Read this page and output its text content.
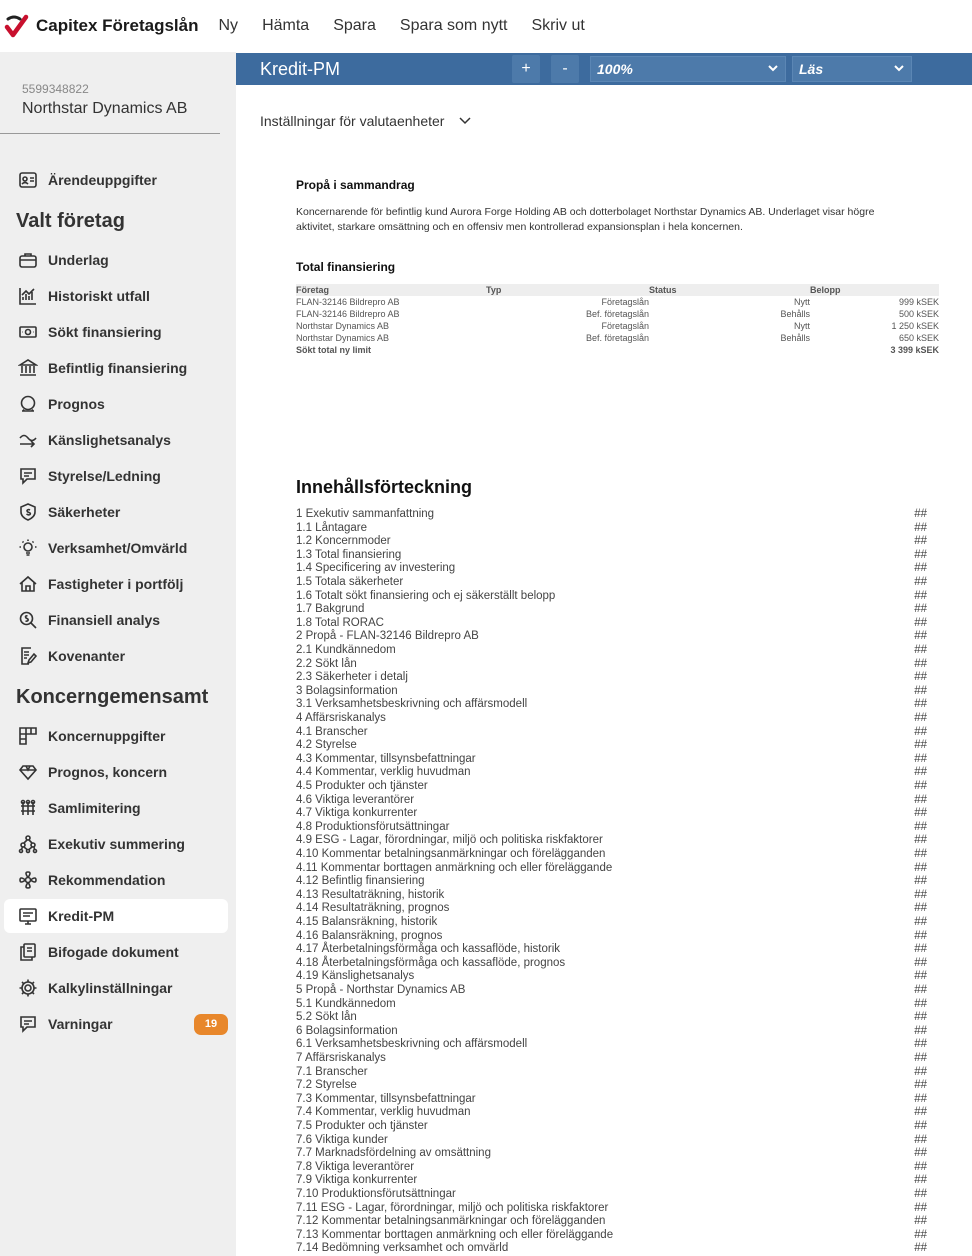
Capitex Företagslån Ny Hämta Spara Spara som nytt Skriv ut
5599348822
Northstar Dynamics AB
Ärendeuppgifter
Valt företag
Underlag
Historiskt utfall
Sökt finansiering
Befintlig finansiering
Prognos
Känslighetsanalys
Styrelse/Ledning
Säkerheter
Verksamhet/Omvärld
Fastigheter i portfölj
Finansiell analys
Kovenanter
Koncerngemensamt
Koncernuppgifter
Prognos, koncern
Samlimitering
Exekutiv summering
Rekommendation
Kredit-PM
Bifogade dokument
Kalkylinställningar
Varningar	19
Kredit-PM	+	-	100%	Läs
Inställningar för valutaenheter
Propå i sammandrag
Koncernarende för befintlig kund Aurora Forge Holding AB och dotterbolaget Northstar Dynamics AB. Underlaget visar högre
aktivitet, starkare omsättning och en offensiv men kontrollerad expansionsplan i hela koncernen.
Total finansiering
Företag	Typ	Status	Belopp
FLAN-32146 Bildrepro AB	Företagslån	Nytt	999 kSEK
FLAN-32146 Bildrepro AB	Bef. företagslån	Behålls	500 kSEK
Northstar Dynamics AB	Företagslån	Nytt	1 250 kSEK
Northstar Dynamics AB	Bef. företagslån	Behålls	650 kSEK
Sökt total ny limit			3 399 kSEK
Innehållsförteckning
1 Exekutiv sammanfattning	##
1.1 Låntagare	##
1.2 Koncernmoder	##
1.3 Total finansiering	##
1.4 Specificering av investering	##
1.5 Totala säkerheter	##
1.6 Totalt sökt finansiering och ej säkerställt belopp	##
1.7 Bakgrund	##
1.8 Total RORAC	##
2 Propå - FLAN-32146 Bildrepro AB	##
2.1 Kundkännedom	##
2.2 Sökt lån	##
2.3 Säkerheter i detalj	##
3 Bolagsinformation	##
3.1 Verksamhetsbeskrivning och affärsmodell	##
4 Affärsriskanalys	##
4.1 Branscher	##
4.2 Styrelse	##
4.3 Kommentar, tillsynsbefattningar	##
4.4 Kommentar, verklig huvudman	##
4.5 Produkter och tjänster	##
4.6 Viktiga leverantörer	##
4.7 Viktiga konkurrenter	##
4.8 Produktionsförutsättningar	##
4.9 ESG - Lagar, förordningar, miljö och politiska riskfaktorer	##
4.10 Kommentar betalningsanmärkningar och förelägganden	##
4.11 Kommentar borttagen anmärkning och eller föreläggande	##
4.12 Befintlig finansiering	##
4.13 Resultaträkning, historik	##
4.14 Resultaträkning, prognos	##
4.15 Balansräkning, historik	##
4.16 Balansräkning, prognos	##
4.17 Återbetalningsförmåga och kassaflöde, historik	##
4.18 Återbetalningsförmåga och kassaflöde, prognos	##
4.19 Känslighetsanalys	##
5 Propå - Northstar Dynamics AB	##
5.1 Kundkännedom	##
5.2 Sökt lån	##
6 Bolagsinformation	##
6.1 Verksamhetsbeskrivning och affärsmodell	##
7 Affärsriskanalys	##
7.1 Branscher	##
7.2 Styrelse	##
7.3 Kommentar, tillsynsbefattningar	##
7.4 Kommentar, verklig huvudman	##
7.5 Produkter och tjänster	##
7.6 Viktiga kunder	##
7.7 Marknadsfördelning av omsättning	##
7.8 Viktiga leverantörer	##
7.9 Viktiga konkurrenter	##
7.10 Produktionsförutsättningar	##
7.11 ESG - Lagar, förordningar, miljö och politiska riskfaktorer	##
7.12 Kommentar betalningsanmärkningar och förelägganden	##
7.13 Kommentar borttagen anmärkning och eller föreläggande	##
7.14 Bedömning verksamhet och omvärld	##
